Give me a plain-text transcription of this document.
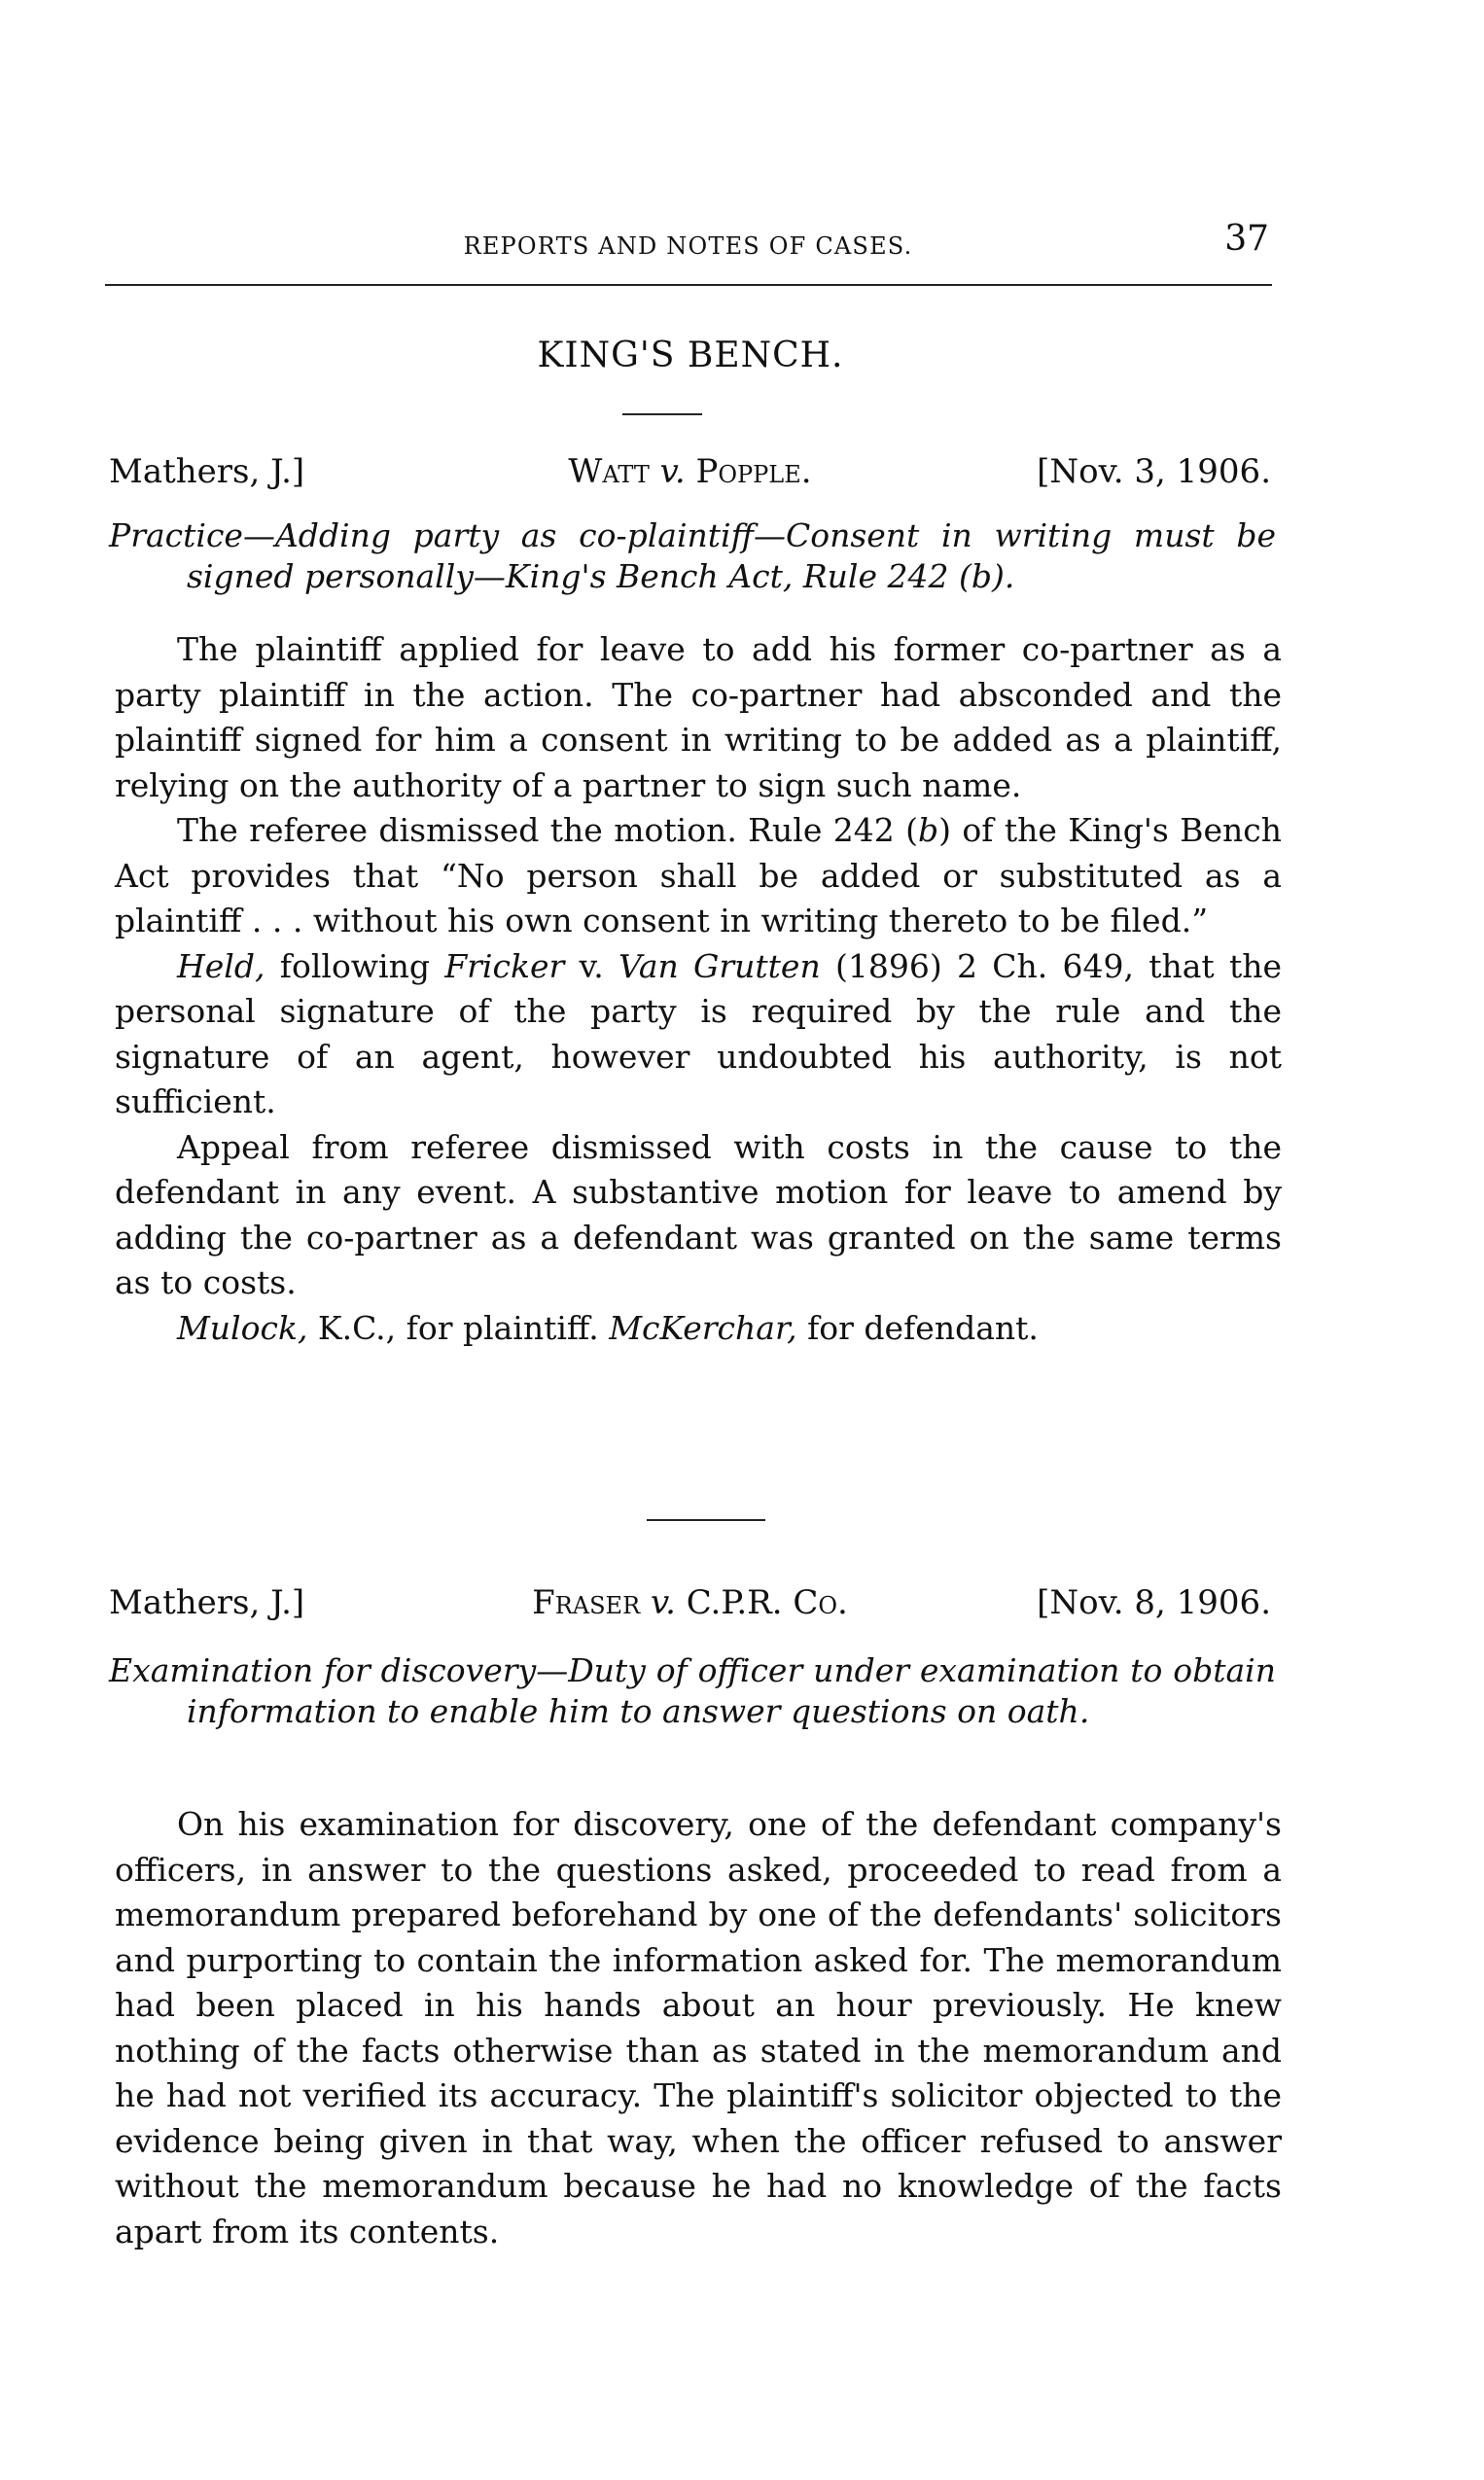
REPORTS AND NOTES OF CASES.	37
KING'S BENCH.
Mathers, J.]	Watt v. Popple.	[Nov. 3, 1906.
Practice—Adding party as co-plaintiff—Consent in writing must be signed personally—King's Bench Act, Rule 242 (b).

The plaintiff applied for leave to add his former co-partner as a party plaintiff in the action. The co-partner had absconded and the plaintiff signed for him a consent in writing to be added as a plaintiff, relying on the authority of a partner to sign such name.

The referee dismissed the motion. Rule 242 (b) of the King's Bench Act provides that “No person shall be added or substituted as a plaintiff . . . without his own consent in writing thereto to be filed.”

Held, following Fricker v. Van Grutten (1896) 2 Ch. 649, that the personal signature of the party is required by the rule and the signature of an agent, however undoubted his authority, is not sufficient.

Appeal from referee dismissed with costs in the cause to the defendant in any event. A substantive motion for leave to amend by adding the co-partner as a defendant was granted on the same terms as to costs.

Mulock, K.C., for plaintiff. McKerchar, for defendant.

Mathers, J.]	Fraser v. C.P.R. Co.	[Nov. 8, 1906.
Examination for discovery—Duty of officer under examination to obtain information to enable him to answer questions on oath.

On his examination for discovery, one of the defendant company's officers, in answer to the questions asked, proceeded to read from a memorandum prepared beforehand by one of the defendants' solicitors and purporting to contain the information asked for. The memorandum had been placed in his hands about an hour previously. He knew nothing of the facts otherwise than as stated in the memorandum and he had not verified its accuracy. The plaintiff's solicitor objected to the evidence being given in that way, when the officer refused to answer without the memorandum because he had no knowledge of the facts apart from its contents.
